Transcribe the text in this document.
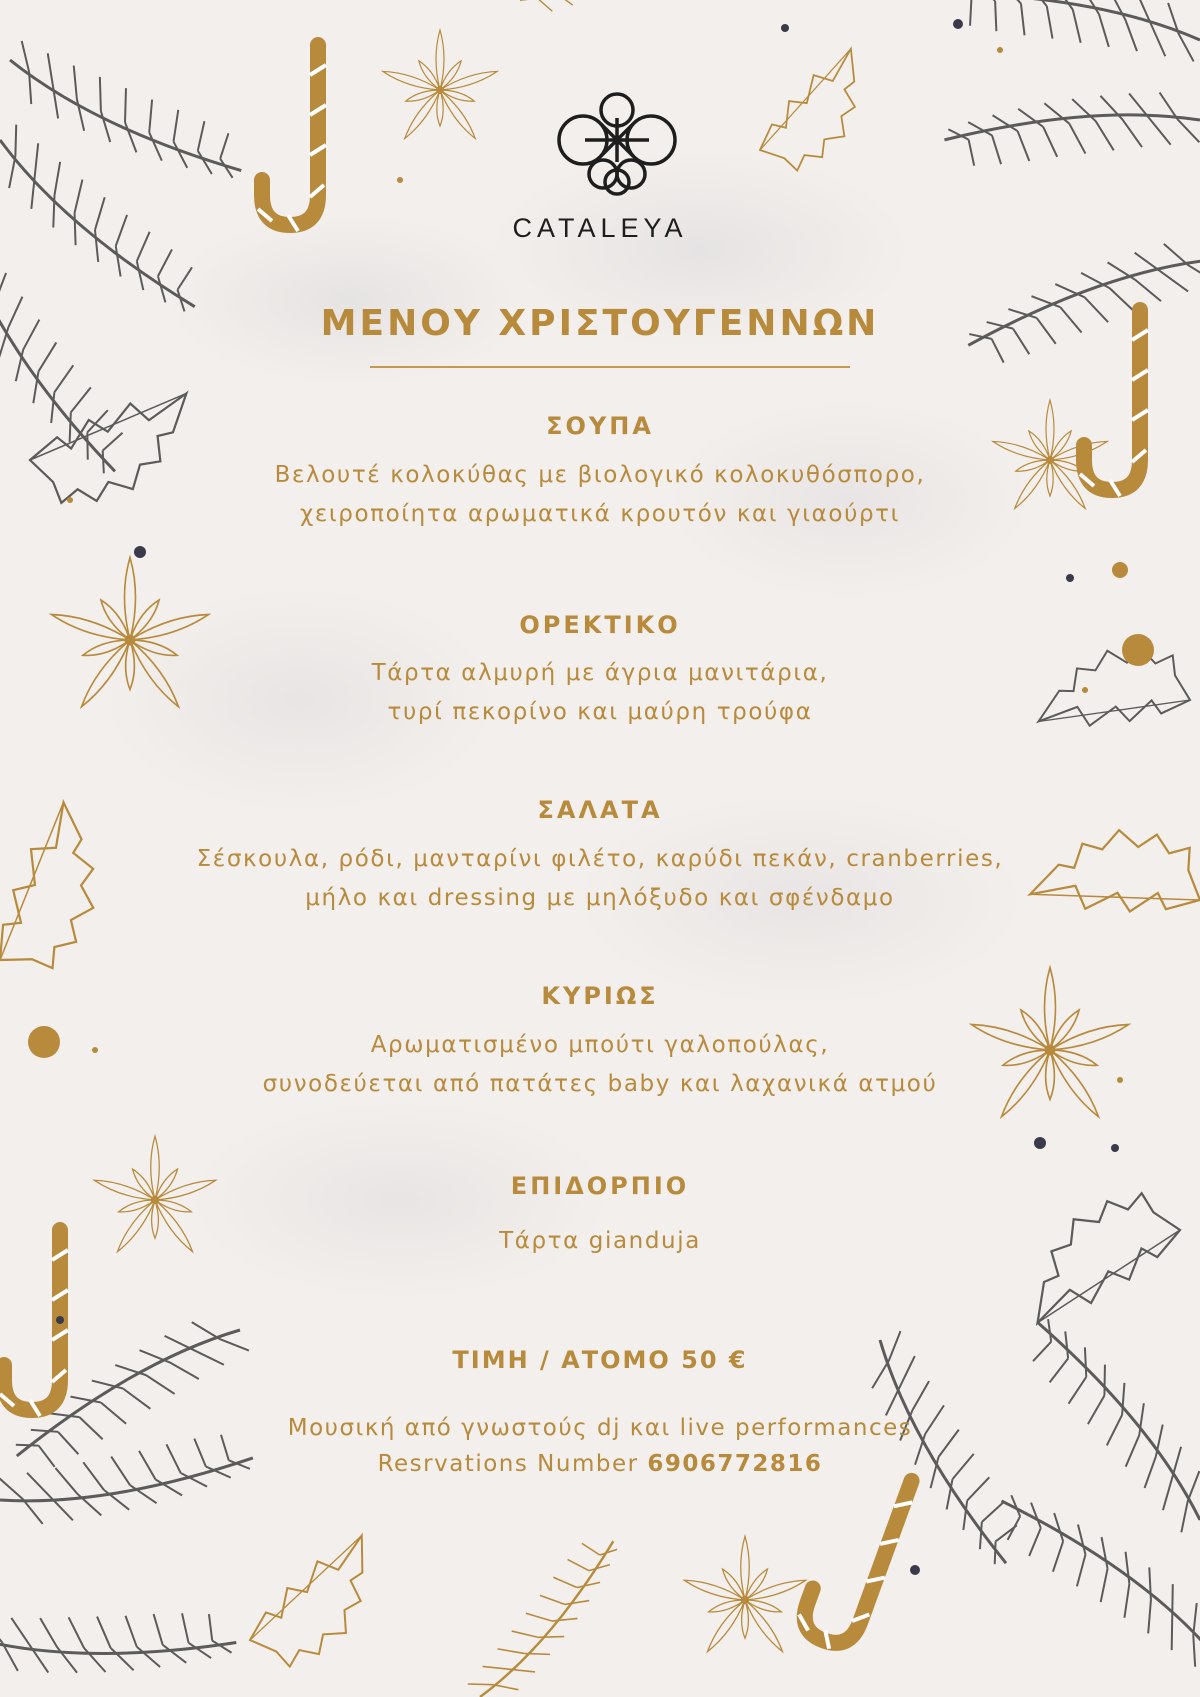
CATALEYA
ΜΕΝΟΥ ΧΡΙΣΤΟΥΓΕΝΝΩΝ
ΣΟΥΠΑ
Βελουτέ κολοκύθας με βιολογικό κολοκυθόσπορο,
χειροποίητα αρωματικά κρουτόν και γιαούρτι
ΟΡΕΚΤΙΚΟ
Τάρτα αλμυρή με άγρια μανιτάρια,
τυρί πεκορίνο και μαύρη τρούφα
ΣΑΛΑΤΑ
Σέσκουλα, ρόδι, μανταρίνι φιλέτο, καρύδι πεκάν, cranberries,
μήλο και dressing με μηλόξυδο και σφένδαμο
ΚΥΡΙΩΣ
Αρωματισμένο μπούτι γαλοπούλας,
συνοδεύεται από πατάτες baby και λαχανικά ατμού
ΕΠΙΔΟΡΠΙΟ
Τάρτα gianduja
ΤΙΜΗ / ΑΤΟΜΟ 50 €
Μουσική από γνωστούς dj και live performances
Resrvations Number 6906772816
